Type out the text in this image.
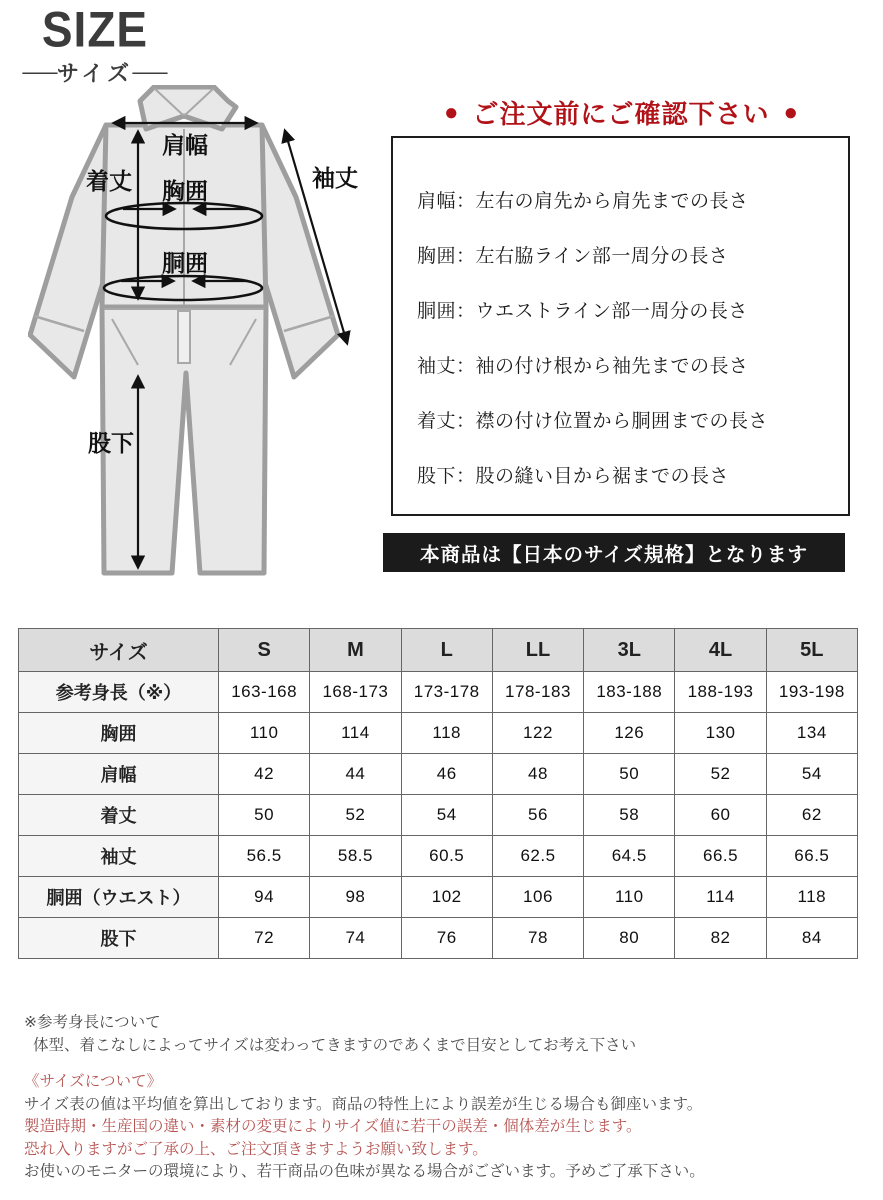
SIZE
— サイズ —
肩幅
着丈 胸囲
胴囲
袖丈
股下
● ご注文前にご確認下さい ●
肩幅：左右の肩先から肩先までの長さ
胸囲：左右脇ライン部一周分の長さ
胴囲：ウエストライン部一周分の長さ
袖丈：袖の付け根から袖先までの長さ
着丈：襟の付け位置から胴囲までの長さ
股下：股の縫い目から裾までの長さ
本商品は【日本のサイズ規格】となります
サイズ	S	M	L	LL	3L	4L	5L
参考身長（※）	163-168	168-173	173-178	178-183	183-188	188-193	193-198
胸囲	110	114	118	122	126	130	134
肩幅	42	44	46	48	50	52	54
着丈	50	52	54	56	58	60	62
袖丈	56.5	58.5	60.5	62.5	64.5	66.5	66.5
胴囲（ウエスト）	94	98	102	106	110	114	118
股下	72	74	76	78	80	82	84

※参考身長について

体型、着こなしによってサイズは変わってきますのであくまで目安としてお考え下さい

《サイズについて》

サイズ表の値は平均値を算出しております。商品の特性上により誤差が生じる場合も御座います。

製造時期・生産国の違い・素材の変更によりサイズ値に若干の誤差・個体差が生じます。

恐れ入りますがご了承の上、ご注文頂きますようお願い致します。

お使いのモニターの環境により、若干商品の色味が異なる場合がございます。予めご了承下さい。
